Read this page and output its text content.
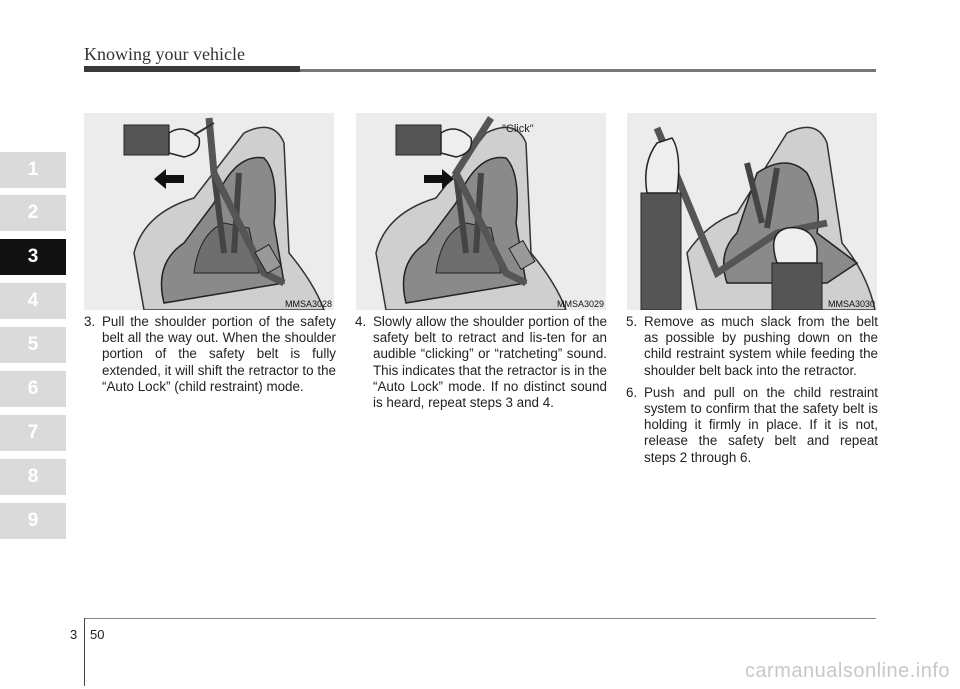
Knowing your vehicle
1
2
3
4
5
6
7
8
9
MMSA3028
"Click"
MMSA3029	MMSA3030
3. Pull the shoulder portion of the safety belt all the way out. When the shoulder portion of the safety belt is fully extended, it will shift the retractor to the “Auto Lock” (child restraint) mode.
4. Slowly allow the shoulder portion of the safety belt to retract and lis-ten for an audible “clicking” or “ratcheting” sound. This indicates that the retractor is in the “Auto Lock” mode. If no distinct sound is heard, repeat steps 3 and 4.
5. Remove as much slack from the belt as possible by pushing down on the child restraint system while feeding the shoulder belt back into the retractor.
6. Push and pull on the child restraint system to confirm that the safety belt is holding it firmly in place. If it is not, release the safety belt and repeat steps 2 through 6.
3 50
carmanualsonline.info
